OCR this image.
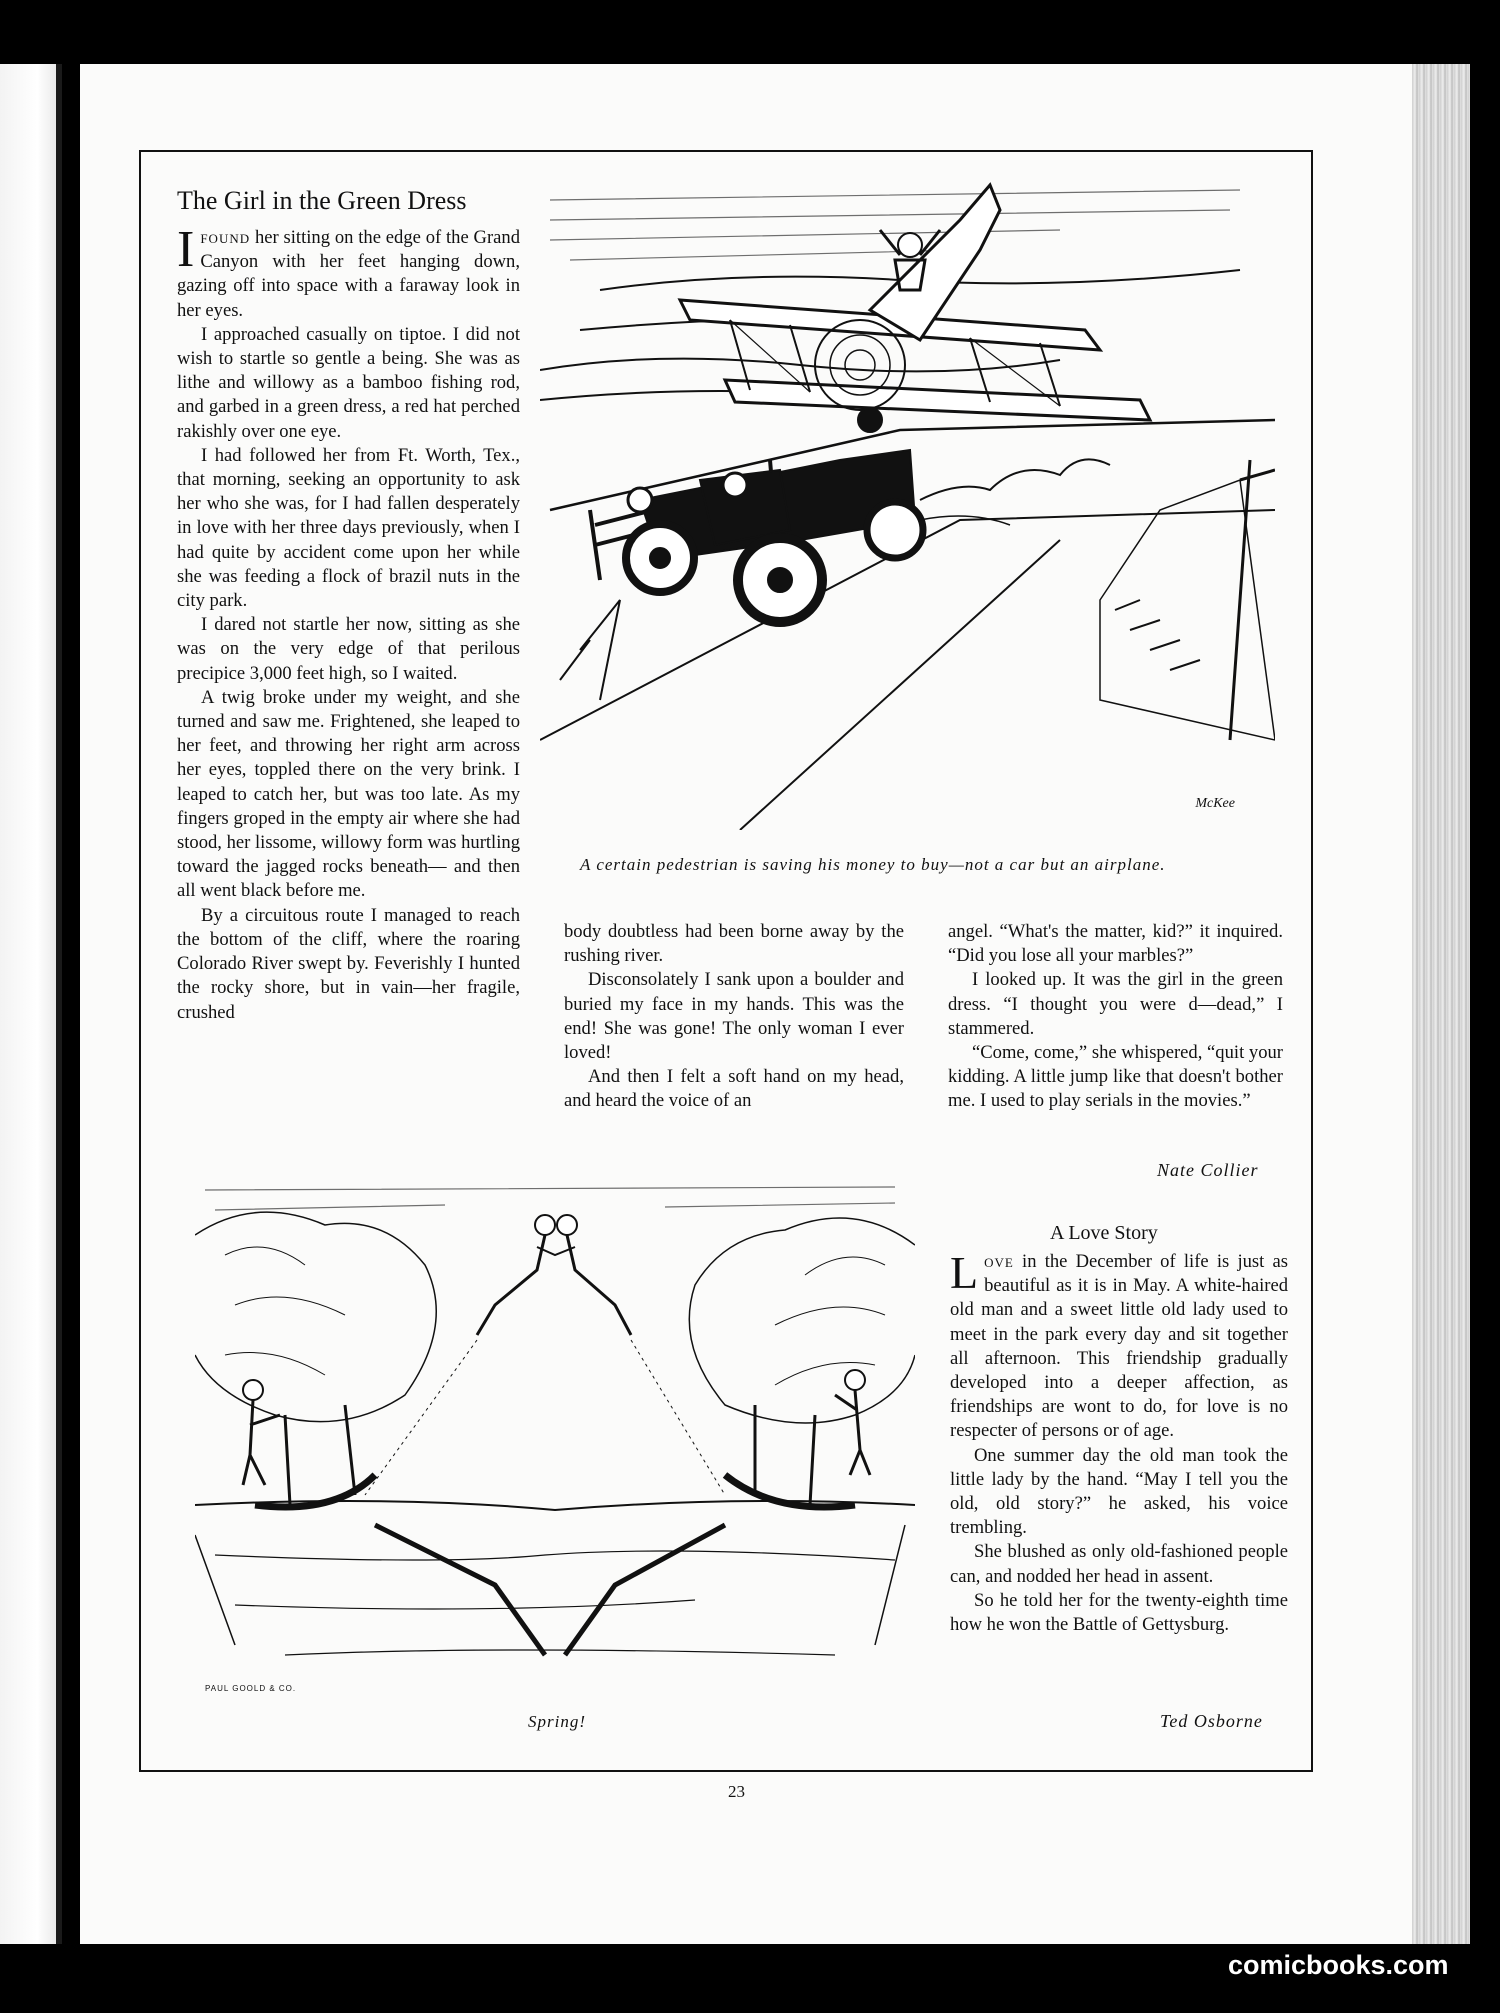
The Girl in the Green Dress

Ifound her sitting on the edge of the Grand Canyon with her feet hanging down, gazing off into space with a faraway look in her eyes.

I approached casually on tiptoe. I did not wish to startle so gentle a being. She was as lithe and willowy as a bamboo fishing rod, and garbed in a green dress, a red hat perched rakishly over one eye.

I had followed her from Ft. Worth, Tex., that morning, seeking an opportunity to ask her who she was, for I had fallen desperately in love with her three days previously, when I had quite by accident come upon her while she was feeding a flock of brazil nuts in the city park.

I dared not startle her now, sitting as she was on the very edge of that perilous precipice 3,000 feet high, so I waited.

A twig broke under my weight, and she turned and saw me. Frightened, she leaped to her feet, and throwing her right arm across her eyes, toppled there on the very brink. I leaped to catch her, but was too late. As my fingers groped in the empty air where she had stood, her lissome, willowy form was hurtling toward the jagged rocks beneath— and then all went black before me.

By a circuitous route I managed to reach the bottom of the cliff, where the roaring Colorado River swept by. Feverishly I hunted the rocky shore, but in vain—her fragile, crushed

McKee
A certain pedestrian is saving his money to buy—not a car but an airplane.

body doubtless had been borne away by the rushing river.

Disconsolately I sank upon a boulder and buried my face in my hands. This was the end! She was gone! The only woman I ever loved!

And then I felt a soft hand on my head, and heard the voice of an

angel. “What's the matter, kid?” it inquired. “Did you lose all your marbles?”

I looked up. It was the girl in the green dress. “I thought you were d—dead,” I stammered.

“Come, come,” she whispered, “quit your kidding. A little jump like that doesn't bother me. I used to play serials in the movies.”

Nate Collier
PAUL GOOLD & CO.
Spring!
A Love Story

Love in the December of life is just as beautiful as it is in May. A white-haired old man and a sweet little old lady used to meet in the park every day and sit together all afternoon. This friendship gradually developed into a deeper affection, as friendships are wont to do, for love is no respecter of persons or of age.

One summer day the old man took the little lady by the hand. “May I tell you the old, old story?” he asked, his voice trembling.

She blushed as only old-fashioned people can, and nodded her head in assent.

So he told her for the twenty-eighth time how he won the Battle of Gettysburg.

Ted Osborne
23
comicbooks.com
